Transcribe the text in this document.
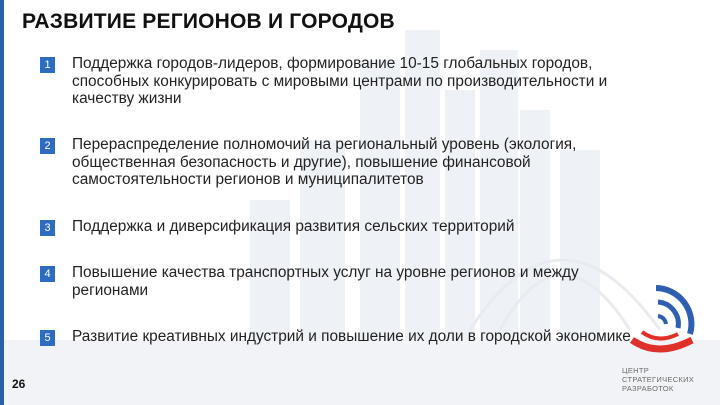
РАЗВИТИЕ РЕГИОНОВ И ГОРОДОВ
1 Поддержка городов-лидеров, формирование 10-15 глобальных городов, способных конкурировать с мировыми центрами по производительности и качеству жизни
2 Перераспределение полномочий на региональный уровень (экология, общественная безопасность и другие), повышение финансовой самостоятельности регионов и муниципалитетов
3 Поддержка и диверсификация развития сельских территорий
4 Повышение качества транспортных услуг на уровне регионов и между регионами
5 Развитие креативных индустрий и повышение их доли в городской экономике
26
ЦЕНТР
СТРАТЕГИЧЕСКИХ
РАЗРАБОТОК
